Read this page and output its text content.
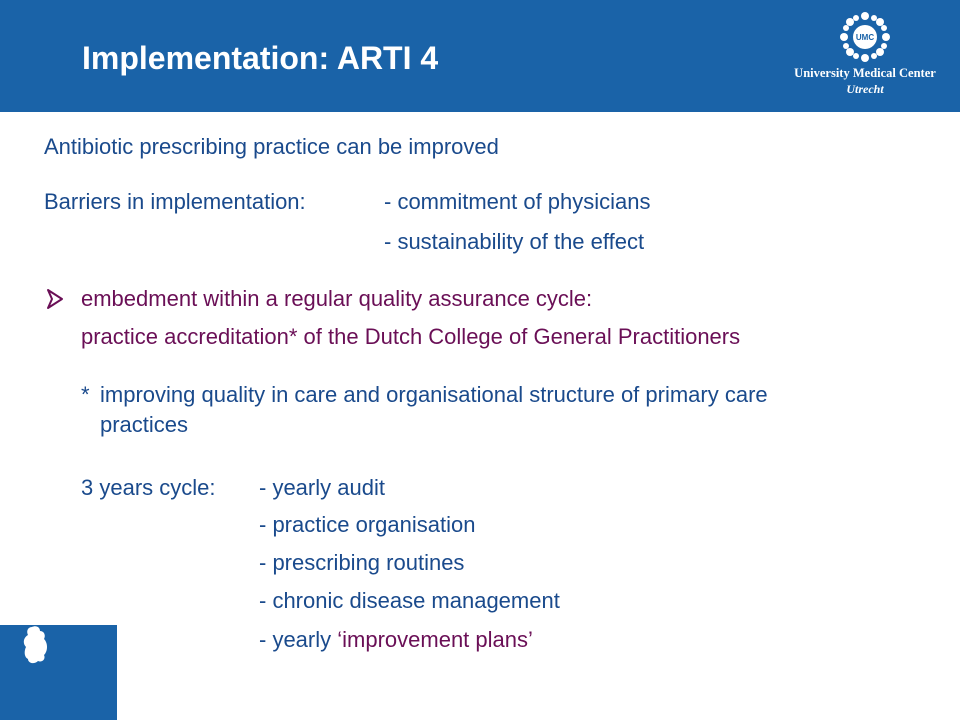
Implementation: ARTI 4
UMC
University Medical Center
Utrecht
Antibiotic prescribing practice can be improved
Barriers in implementation:	- commitment of physicians
- sustainability of the effect
embedment within a regular quality assurance cycle:
practice accreditation* of the Dutch College of General Practitioners
* improving quality in care and organisational structure of primary care
practices
3 years cycle: - yearly audit
- practice organisation
- prescribing routines
- chronic disease management
- yearly ‘improvement plans’
